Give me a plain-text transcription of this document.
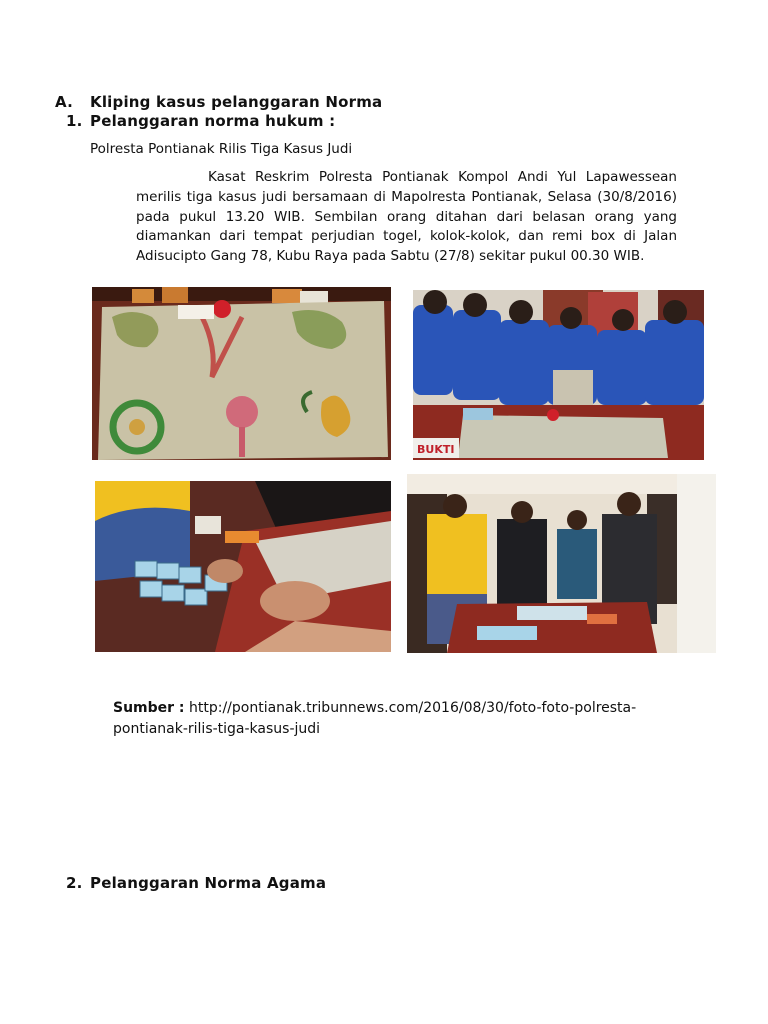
A. Kliping kasus pelanggaran Norma
1. Pelanggaran norma hukum :
Polresta Pontianak Rilis Tiga Kasus Judi
Kasat Reskrim Polresta Pontianak Kompol Andi Yul Lapawessean merilis tiga kasus judi bersamaan di Mapolresta Pontianak, Selasa (30/8/2016) pada pukul 13.20 WIB. Sembilan orang ditahan dari belasan orang yang diamankan dari tempat perjudian togel, kolok-kolok, dan remi box di Jalan Adisucipto Gang 78, Kubu Raya pada Sabtu (27/8) sekitar pukul 00.30 WIB.
BUKTI
Sumber : http://pontianak.tribunnews.com/2016/08/30/foto-foto-polresta-
pontianak-rilis-tiga-kasus-judi
2. Pelanggaran Norma Agama
